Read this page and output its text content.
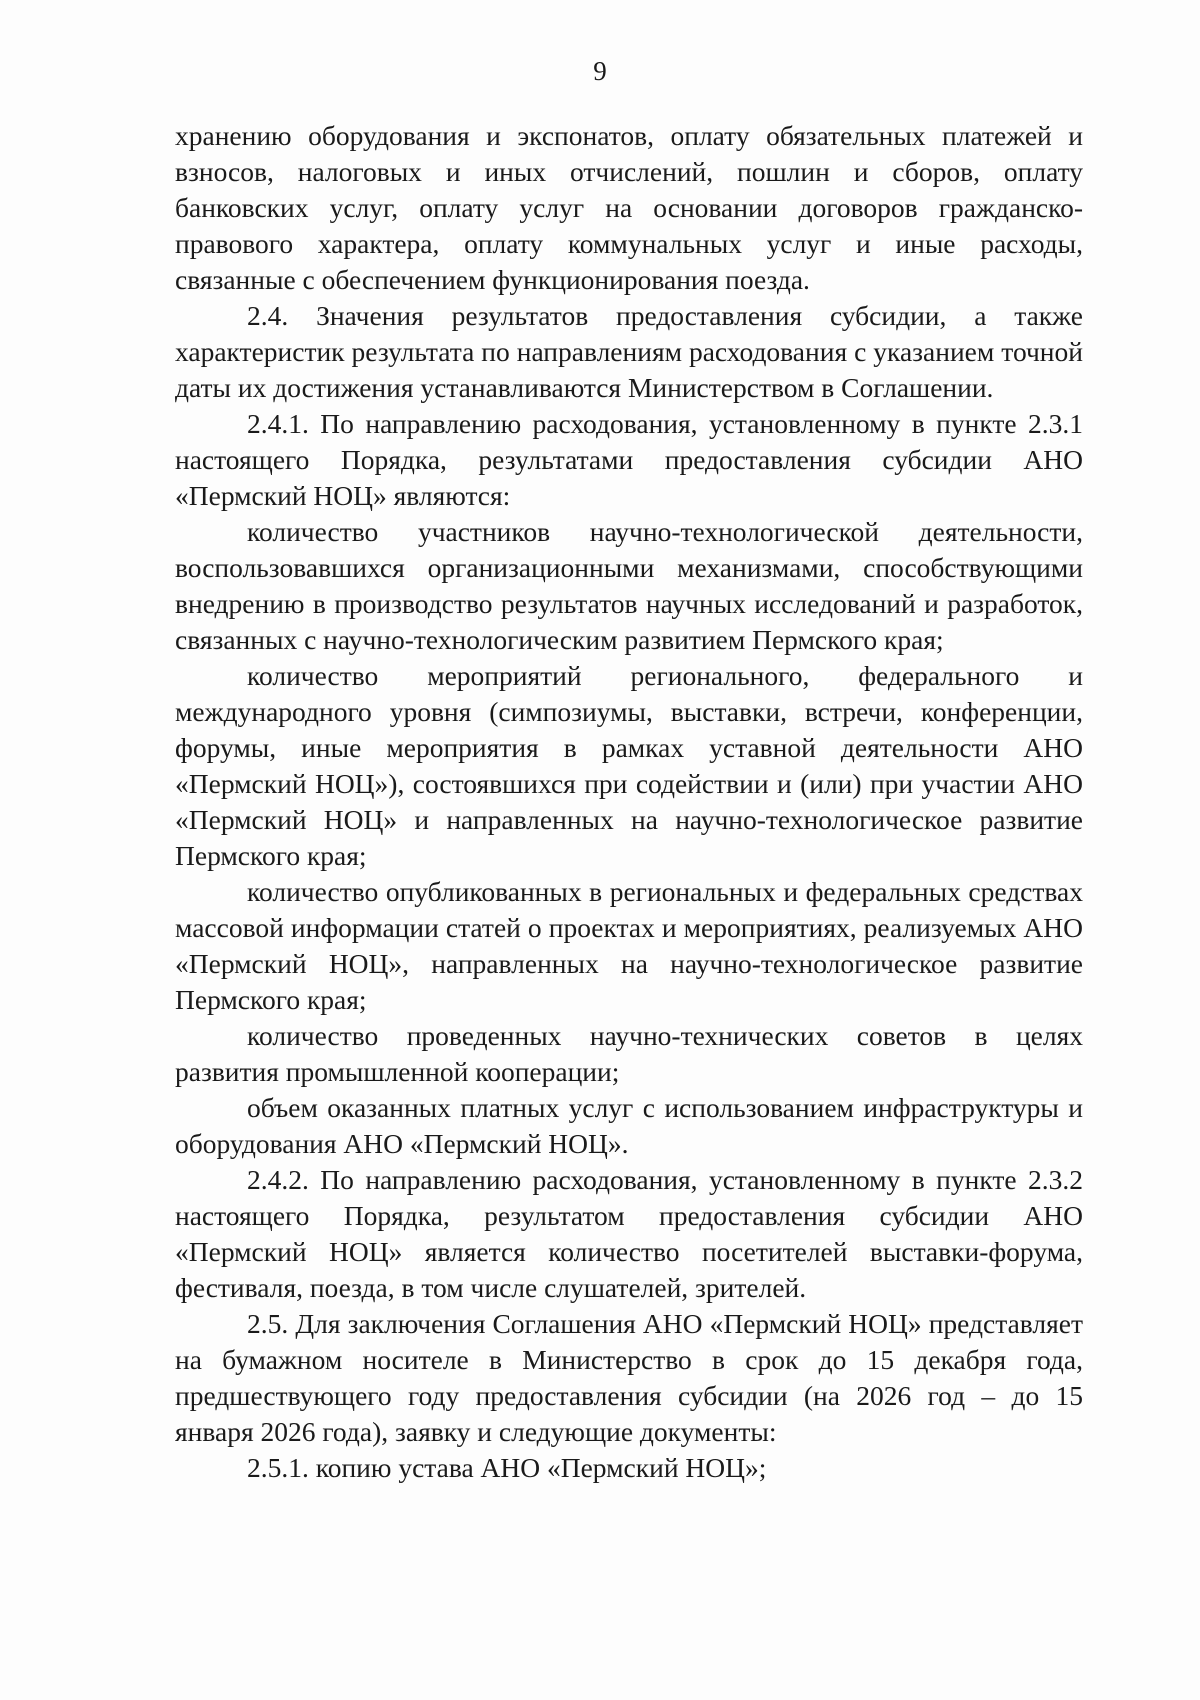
9

хранению оборудования и экспонатов, оплату обязательных платежей и взносов, налоговых и иных отчислений, пошлин и сборов, оплату банковских услуг, оплату услуг на основании договоров гражданско-правового характера, оплату коммунальных услуг и иные расходы, связанные с обеспечением функционирования поезда.

2.4. Значения результатов предоставления субсидии, а также характеристик результата по направлениям расходования с указанием точной даты их достижения устанавливаются Министерством в Соглашении.

2.4.1. По направлению расходования, установленному в пункте 2.3.1 настоящего Порядка, результатами предоставления субсидии АНО «Пермский НОЦ» являются:

количество участников научно-технологической деятельности, воспользовавшихся организационными механизмами, способствующими внедрению в производство результатов научных исследований и разработок, связанных с научно-технологическим развитием Пермского края;

количество мероприятий регионального, федерального и международного уровня (симпозиумы, выставки, встречи, конференции, форумы, иные мероприятия в рамках уставной деятельности АНО «Пермский НОЦ»), состоявшихся при содействии и (или) при участии АНО «Пермский НОЦ» и направленных на научно-технологическое развитие Пермского края;

количество опубликованных в региональных и федеральных средствах массовой информации статей о проектах и мероприятиях, реализуемых АНО «Пермский НОЦ», направленных на научно-технологическое развитие Пермского края;

количество проведенных научно-технических советов в целях развития промышленной кооперации;

объем оказанных платных услуг с использованием инфраструктуры и оборудования АНО «Пермский НОЦ».

2.4.2. По направлению расходования, установленному в пункте 2.3.2 настоящего Порядка, результатом предоставления субсидии АНО «Пермский НОЦ» является количество посетителей выставки-форума, фестиваля, поезда, в том числе слушателей, зрителей.

2.5. Для заключения Соглашения АНО «Пермский НОЦ» представляет на бумажном носителе в Министерство в срок до 15 декабря года, предшествующего году предоставления субсидии (на 2026 год – до 15 января 2026 года), заявку и следующие документы:

2.5.1. копию устава АНО «Пермский НОЦ»;
